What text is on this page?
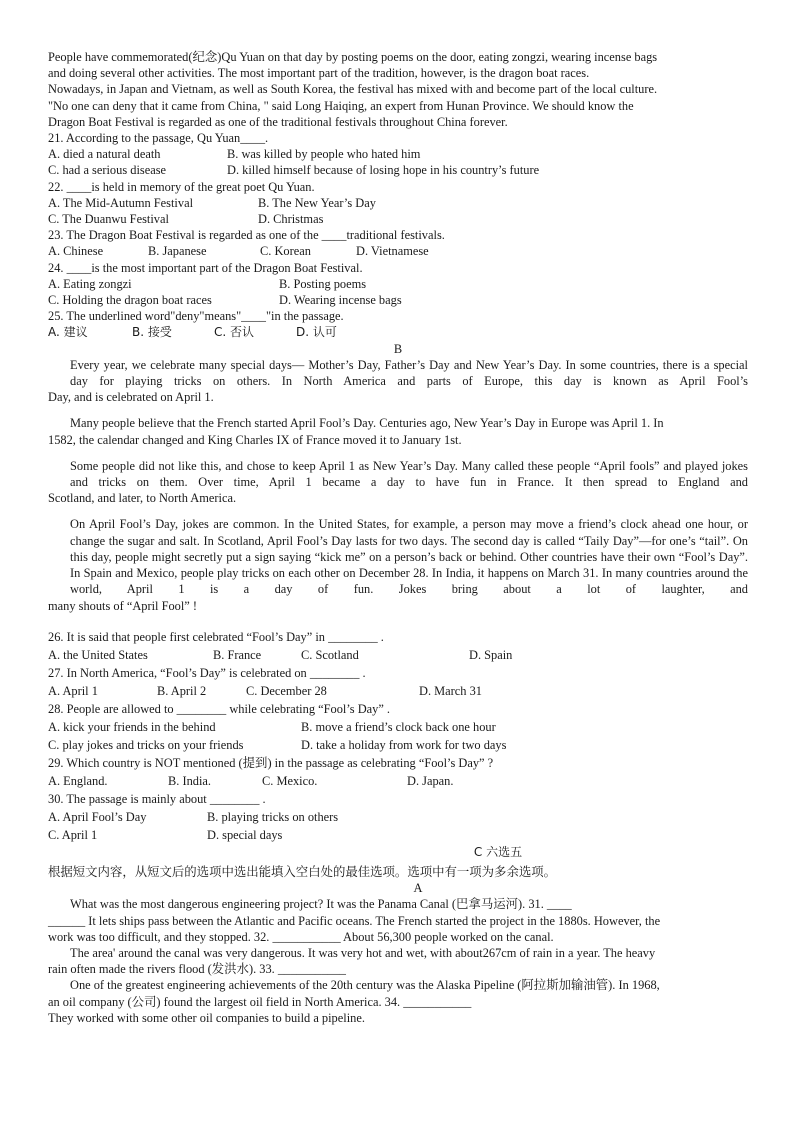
People have commemorated(纪念)Qu Yuan on that day by posting poems on the door, eating zongzi, wearing incense bags
and doing several other activities. The most important part of the tradition, however, is the dragon boat races.
Nowadays, in Japan and Vietnam, as well as South Korea, the festival has mixed with and become part of the local culture.
"No one can deny that it came from China, " said Long Haiqing, an expert from Hunan Province. We should know the
Dragon Boat Festival is regarded as one of the traditional festivals throughout China forever.
21. According to the passage, Qu Yuan____.
A. died a natural death	B. was killed by people who hated him
C. had a serious disease	D. killed himself because of losing hope in his country’s future
22. ____is held in memory of the great poet Qu Yuan.
A. The Mid-Autumn Festival	B. The New Year’s Day
C. The Duanwu Festival	D. Christmas
23. The Dragon Boat Festival is regarded as one of the ____traditional festivals.
A. Chinese	B. Japanese	C. Korean	D. Vietnamese
24. ____is the most important part of the Dragon Boat Festival.
A. Eating zongzi	B. Posting poems
C. Holding the dragon boat races	D. Wearing incense bags
25. The underlined word"deny"means"____"in the passage.
A. 建议	B. 接受	C. 否认	D. 认可
B
Every year, we celebrate many special days— Mother’s Day, Father’s Day and New Year’s Day. In some countries, there is a special day for playing tricks on others. In North America and parts of Europe, this day is known as April Fool’s
Day, and is celebrated on April 1.
Many people believe that the French started April Fool’s Day. Centuries ago, New Year’s Day in Europe was April 1. In
1582, the calendar changed and King Charles IX of France moved it to January 1st.
Some people did not like this, and chose to keep April 1 as New Year’s Day. Many called these people “April fools” and played jokes and tricks on them. Over time, April 1 became a day to have fun in France. It then spread to England and
Scotland, and later, to North America.
On April Fool’s Day, jokes are common. In the United States, for example, a person may move a friend’s clock ahead one hour, or change the sugar and salt. In Scotland, April Fool’s Day lasts for two days. The second day is called “Taily Day”—for one’s “tail”. On this day, people might secretly put a sign saying “kick me” on a person’s back or behind. Other countries have their own “Fool’s Day”. In Spain and Mexico, people play tricks on each other on December 28. In India, it happens on March 31. In many countries around the world, April 1 is a day of fun. Jokes bring about a lot of laughter, and
many shouts of “April Fool” !
26. It is said that people first celebrated “Fool’s Day” in ________ .
A. the United States	B. France	C. Scotland	D. Spain
27. In North America, “Fool’s Day” is celebrated on ________ .
A. April 1	B. April 2	C. December 28	D. March 31
28. People are allowed to ________ while celebrating “Fool’s Day” .
A. kick your friends in the behind	B. move a friend’s clock back one hour
C. play jokes and tricks on your friends	D. take a holiday from work for two days
29. Which country is NOT mentioned (提到) in the passage as celebrating “Fool’s Day” ?
A. England.	B. India.	C. Mexico.	D. Japan.
30. The passage is mainly about ________ .
A. April Fool’s Day	B. playing tricks on others
C. April 1	D. special days
C 六选五
根据短文内容，从短文后的选项中选出能填入空白处的最佳选项。选项中有一项为多余选项。
A
What was the most dangerous engineering project? It was the Panama Canal (巴拿马运河). 31. ____
______ It lets ships pass between the Atlantic and Pacific oceans. The French started the project in the 1880s. However, the
work was too difficult, and they stopped. 32. ___________ About 56,300 people worked on the canal.
The area' around the canal was very dangerous. It was very hot and wet, with about267cm of rain in a year. The heavy
rain often made the rivers flood (发洪水). 33. ___________
One of the greatest engineering achievements of the 20th century was the Alaska Pipeline (阿拉斯加输油管). In 1968,
an oil company (公司) found the largest oil field in North America. 34. ___________
They worked with some other oil companies to build a pipeline.
